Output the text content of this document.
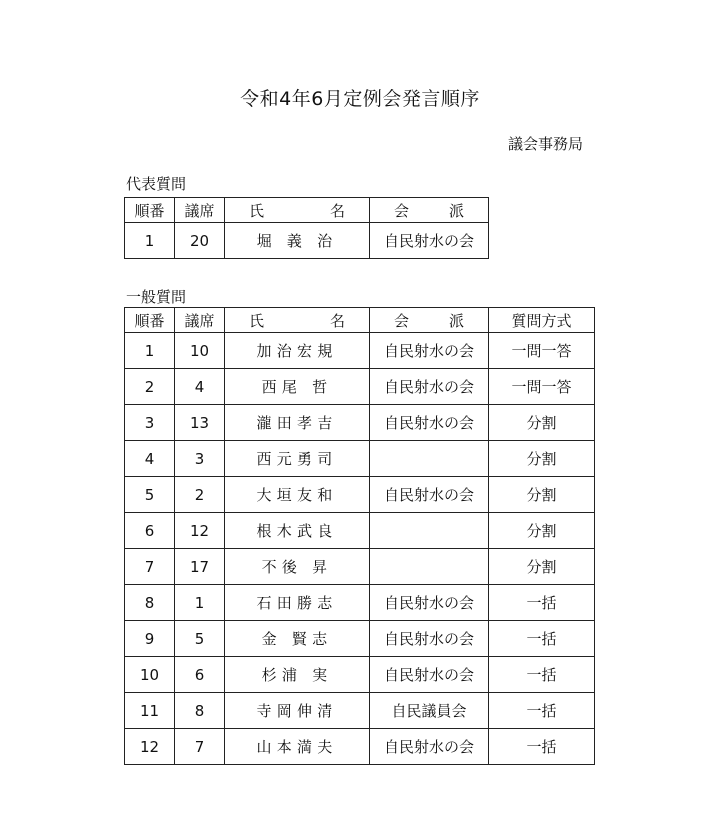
令和4年6月定例会発言順序
議会事務局
代表質問
順番	議席	氏 名	会 派

1	20	堀 義 治	自民射水の会
一般質問
順番	議席	氏 名	会 派	質問方式
1	10	加治宏規	自民射水の会	一問一答
2	4	西尾 哲	自民射水の会	一問一答
3	13	瀧田孝吉	自民射水の会	分割
4	3	西元勇司		分割
5	2	大垣友和	自民射水の会	分割
6	12	根木武良		分割
7	17	不後 昇		分割
8	1	石田勝志	自民射水の会	一括
9	5	金 賢志	自民射水の会	一括
10	6	杉浦 実	自民射水の会	一括
11	8	寺岡伸清	自民議員会	一括
12	7	山本満夫	自民射水の会	一括
